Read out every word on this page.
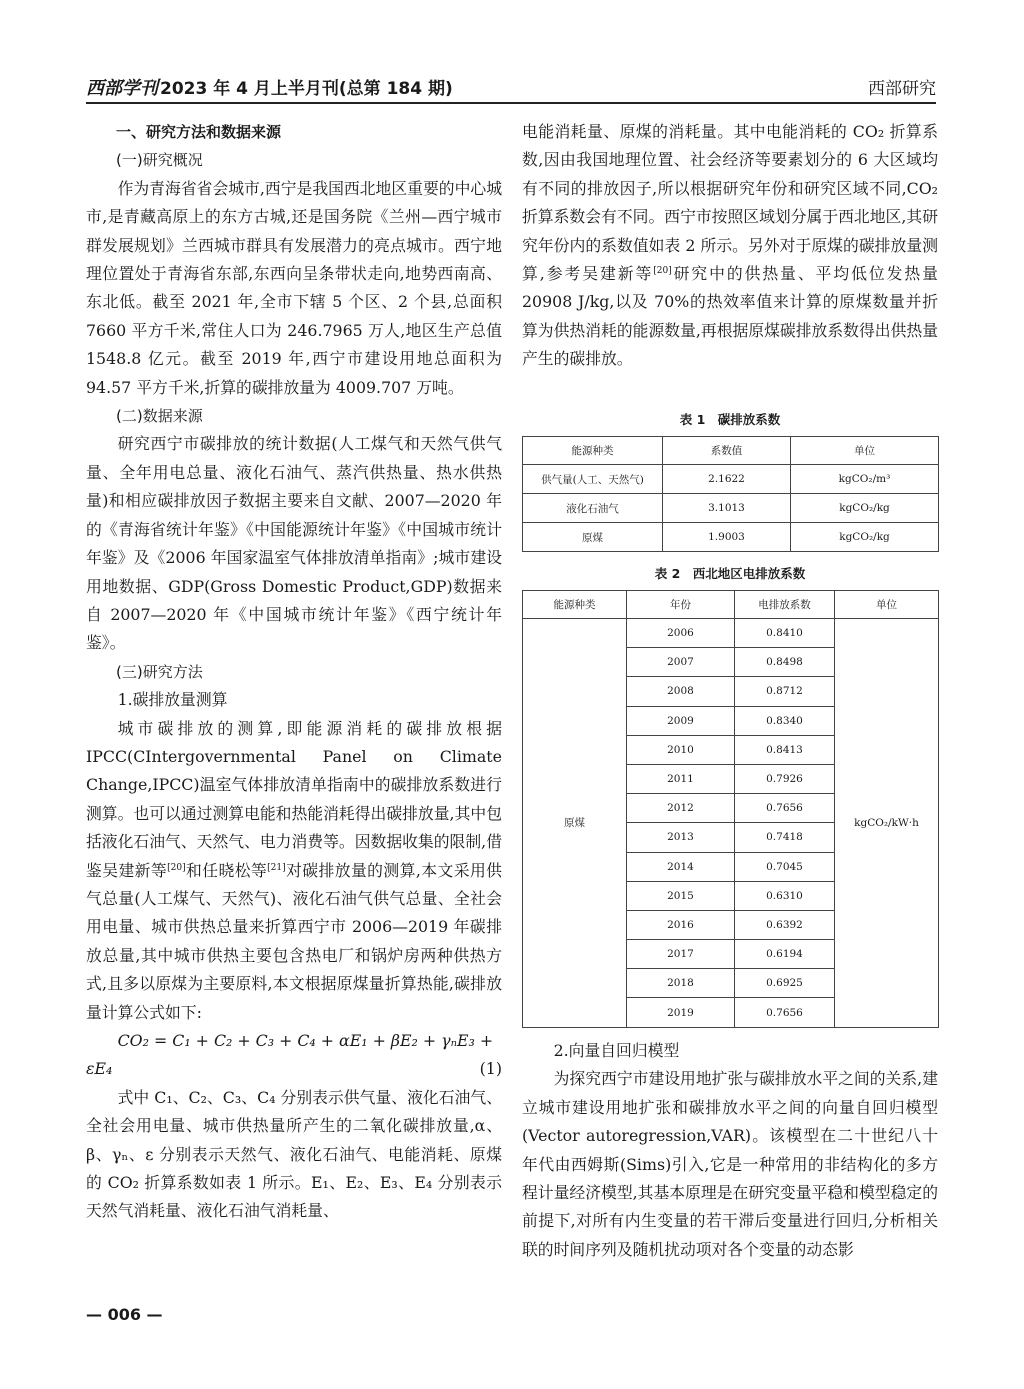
西部学刊 2023 年 4 月上半月刊(总第 184 期)	西部研究

一、研究方法和数据来源

(一)研究概况

作为青海省省会城市,西宁是我国西北地区重要的中心城市,是青藏高原上的东方古城,还是国务院《兰州—西宁城市群发展规划》兰西城市群具有发展潜力的亮点城市。西宁地理位置处于青海省东部,东西向呈条带状走向,地势西南高、东北低。截至 2021 年,全市下辖 5 个区、2 个县,总面积 7660 平方千米,常住人口为 246.7965 万人,地区生产总值 1548.8 亿元。截至 2019 年,西宁市建设用地总面积为 94.57 平方千米,折算的碳排放量为 4009.707 万吨。

(二)数据来源

研究西宁市碳排放的统计数据(人工煤气和天然气供气量、全年用电总量、液化石油气、蒸汽供热量、热水供热量)和相应碳排放因子数据主要来自文献、2007—2020 年的《青海省统计年鉴》《中国能源统计年鉴》《中国城市统计年鉴》及《2006 年国家温室气体排放清单指南》;城市建设用地数据、GDP(Gross Domestic Product,GDP)数据来自 2007—2020 年《中国城市统计年鉴》《西宁统计年鉴》。

(三)研究方法

1.碳排放量测算

城市碳排放的测算,即能源消耗的碳排放根据 IPCC(CIntergovernmental Panel on Climate Change,IPCC)温室气体排放清单指南中的碳排放系数进行测算。也可以通过测算电能和热能消耗得出碳排放量,其中包括液化石油气、天然气、电力消费等。因数据收集的限制,借鉴吴建新等[20]和任晓松等[21]对碳排放量的测算,本文采用供气总量(人工煤气、天然气)、液化石油气供气总量、全社会用电量、城市供热总量来折算西宁市 2006—2019 年碳排放总量,其中城市供热主要包含热电厂和锅炉房两种供热方式,且多以原煤为主要原料,本文根据原煤量折算热能,碳排放量计算公式如下:

CO₂ = C₁ + C₂ + C₃ + C₄ + αE₁ + βE₂ + γₙE₃ +
εE₄	(1)

式中 C₁、C₂、C₃、C₄ 分别表示供气量、液化石油气、全社会用电量、城市供热量所产生的二氧化碳排放量,α、β、γₙ、ε 分别表示天然气、液化石油气、电能消耗、原煤的 CO₂ 折算系数如表 1 所示。E₁、E₂、E₃、E₄ 分别表示天然气消耗量、液化石油气消耗量、

电能消耗量、原煤的消耗量。其中电能消耗的 CO₂ 折算系数,因由我国地理位置、社会经济等要素划分的 6 大区域均有不同的排放因子,所以根据研究年份和研究区域不同,CO₂ 折算系数会有不同。西宁市按照区域划分属于西北地区,其研究年份内的系数值如表 2 所示。另外对于原煤的碳排放量测算,参考吴建新等[20]研究中的供热量、平均低位发热量 20908 J/kg,以及 70%的热效率值来计算的原煤数量并折算为供热消耗的能源数量,再根据原煤碳排放系数得出供热量产生的碳排放。

表 1　碳排放系数
能源种类	系数值	单位
供气量(人工、天然气)	2.1622	kgCO₂/m³
液化石油气	3.1013	kgCO₂/kg
原煤	1.9003	kgCO₂/kg
表 2　西北地区电排放系数
能源种类	年份	电排放系数	单位
原煤	2006	0.8410	kgCO₂/kW·h
	2007	0.8498	
	2008	0.8712	
	2009	0.8340	
	2010	0.8413	
	2011	0.7926	
	2012	0.7656	
	2013	0.7418	
	2014	0.7045	
	2015	0.6310	
	2016	0.6392	
	2017	0.6194	
	2018	0.6925	
	2019	0.7656	

2.向量自回归模型

为探究西宁市建设用地扩张与碳排放水平之间的关系,建立城市建设用地扩张和碳排放水平之间的向量自回归模型(Vector autoregression,VAR)。该模型在二十世纪八十年代由西姆斯(Sims)引入,它是一种常用的非结构化的多方程计量经济模型,其基本原理是在研究变量平稳和模型稳定的前提下,对所有内生变量的若干滞后变量进行回归,分析相关联的时间序列及随机扰动项对各个变量的动态影

— 006 —
